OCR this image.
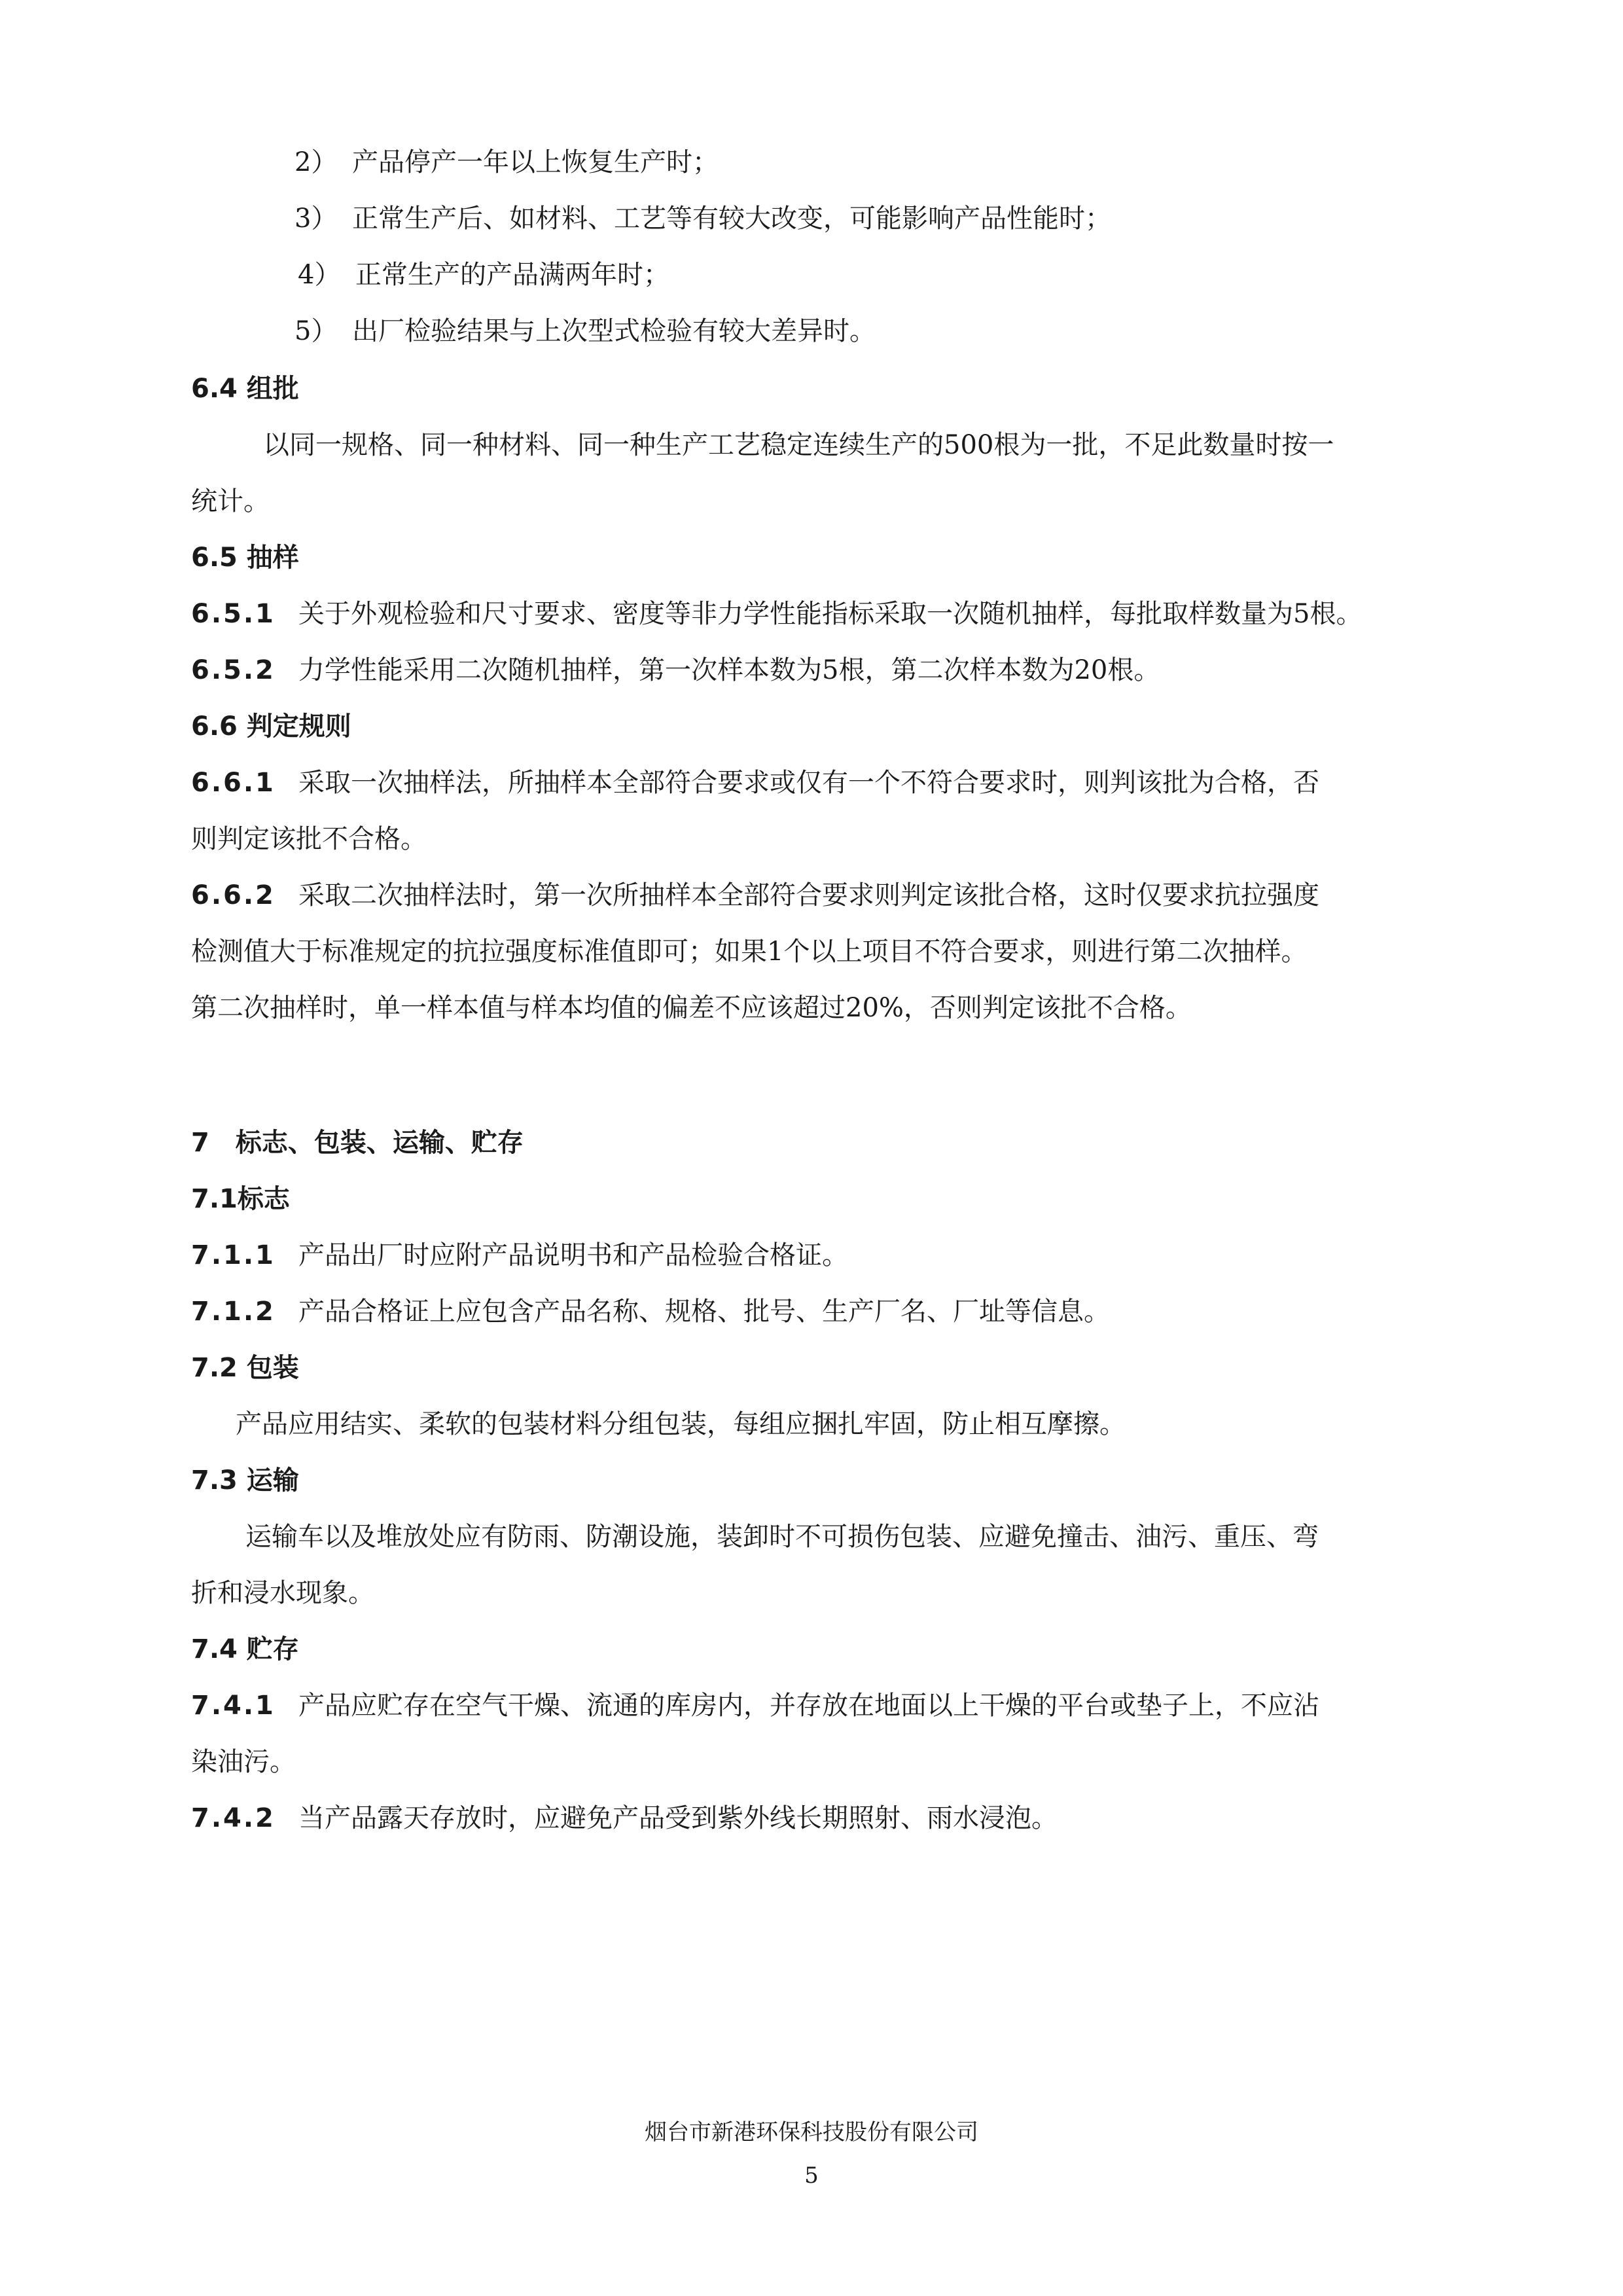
2） 产品停产一年以上恢复生产时；
3） 正常生产后、如材料、工艺等有较大改变，可能影响产品性能时；
4） 正常生产的产品满两年时；
5） 出厂检验结果与上次型式检验有较大差异时。
6.4 组批
以同一规格、同一种材料、同一种生产工艺稳定连续生产的500根为一批，不足此数量时按一
统计。
6.5 抽样
6.5.1 关于外观检验和尺寸要求、密度等非力学性能指标采取一次随机抽样，每批取样数量为5根。
6.5.2 力学性能采用二次随机抽样，第一次样本数为5根，第二次样本数为20根。
6.6 判定规则
6.6.1 采取一次抽样法，所抽样本全部符合要求或仅有一个不符合要求时，则判该批为合格，否
则判定该批不合格。
6.6.2 采取二次抽样法时，第一次所抽样本全部符合要求则判定该批合格，这时仅要求抗拉强度
检测值大于标准规定的抗拉强度标准值即可；如果1个以上项目不符合要求，则进行第二次抽样。
第二次抽样时，单一样本值与样本均值的偏差不应该超过20%，否则判定该批不合格。
7　标志、包装、运输、贮存
7.1标志
7.1.1 产品出厂时应附产品说明书和产品检验合格证。
7.1.2 产品合格证上应包含产品名称、规格、批号、生产厂名、厂址等信息。
7.2 包装
产品应用结实、柔软的包装材料分组包装，每组应捆扎牢固，防止相互摩擦。
7.3 运输
运输车以及堆放处应有防雨、防潮设施，装卸时不可损伤包装、应避免撞击、油污、重压、弯
折和浸水现象。
7.4 贮存
7.4.1 产品应贮存在空气干燥、流通的库房内，并存放在地面以上干燥的平台或垫子上，不应沾
染油污。
7.4.2 当产品露天存放时，应避免产品受到紫外线长期照射、雨水浸泡。
烟台市新港环保科技股份有限公司
5
